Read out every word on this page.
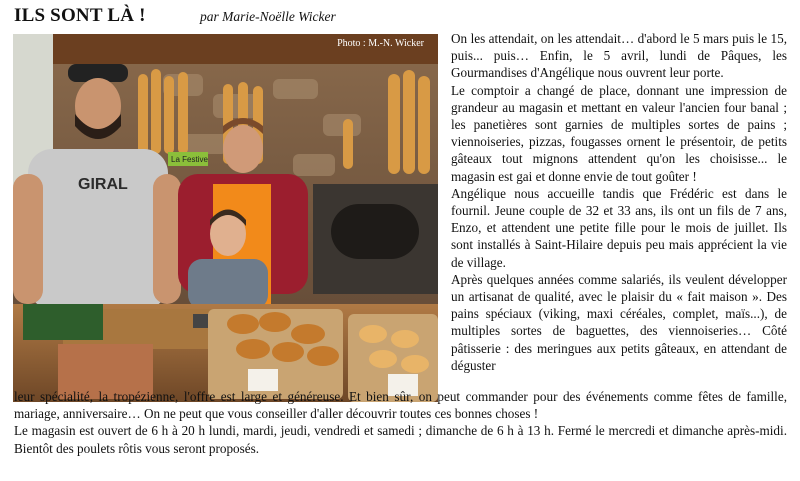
ILS SONT LÀ !	par Marie-Noëlle Wicker
La Festive
GIRAL
Photo : M.-N. Wicker On les attendait, on les attendait… d'abord le 5 mars puis le 15, puis... puis… Enfin, le 5 avril, lundi de Pâques, les Gourmandises d'Angélique nous ouvrent leur porte.

Le comptoir a changé de place, donnant une impression de grandeur au magasin et mettant en valeur l'ancien four banal ; les panetières sont garnies de multiples sortes de pains ; viennoiseries, pizzas, fougasses ornent le présentoir, de petits gâteaux tout mignons attendent qu'on les choisisse... le magasin est gai et donne envie de tout goûter !

Angélique nous accueille tandis que Frédéric est dans le fournil. Jeune couple de 32 et 33 ans, ils ont un fils de 7 ans, Enzo, et attendent une petite fille pour le mois de juillet. Ils sont installés à Saint-Hilaire depuis peu mais apprécient la vie de village.

Après quelques années comme salariés, ils veulent développer un artisanat de qualité, avec le plaisir du « fait maison ». Des pains spéciaux (viking, maxi céréales, complet, maïs...), de multiples sortes de baguettes, des viennoiseries… Côté pâtisserie : des meringues aux petits gâteaux, en attendant de déguster

leur spécialité, la tropézienne, l'offre est large et généreuse. Et bien sûr, on peut commander pour des événements comme fêtes de famille, mariage, anniversaire… On ne peut que vous conseiller d'aller découvrir toutes ces bonnes choses !

Le magasin est ouvert de 6 h à 20 h lundi, mardi, jeudi, vendredi et samedi ; dimanche de 6 h à 13 h. Fermé le mercredi et dimanche après-midi. Bientôt des poulets rôtis vous seront proposés.
